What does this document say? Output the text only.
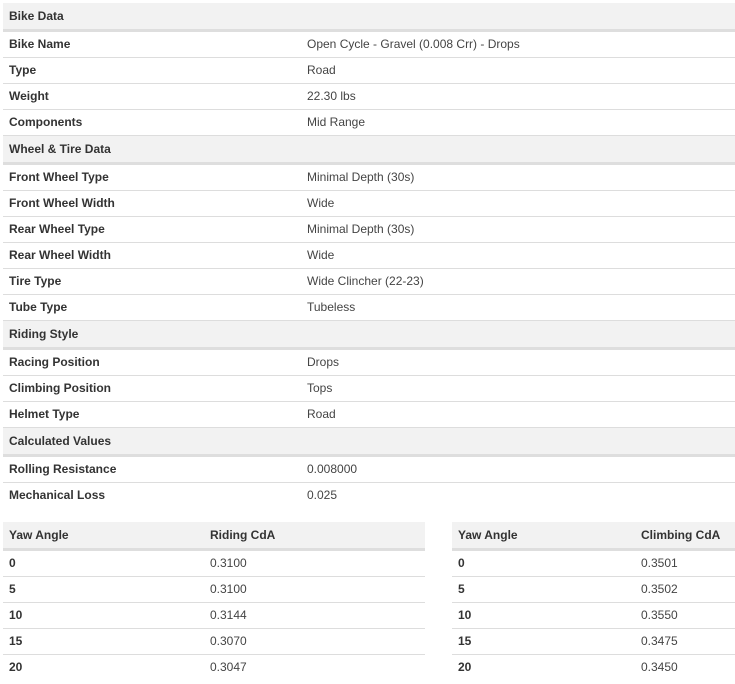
Bike Data
Bike Name	Open Cycle - Gravel (0.008 Crr) - Drops
Type	Road
Weight	22.30 lbs
Components	Mid Range
Wheel & Tire Data
Front Wheel Type	Minimal Depth (30s)
Front Wheel Width	Wide
Rear Wheel Type	Minimal Depth (30s)
Rear Wheel Width	Wide
Tire Type	Wide Clincher (22-23)
Tube Type	Tubeless
Riding Style
Racing Position	Drops
Climbing Position	Tops
Helmet Type	Road
Calculated Values
Rolling Resistance	0.008000
Mechanical Loss	0.025
Yaw Angle	Riding CdA
0	0.3100
5	0.3100
10	0.3144
15	0.3070
20	0.3047
Yaw Angle	Climbing CdA
0	0.3501
5	0.3502
10	0.3550
15	0.3475
20	0.3450
